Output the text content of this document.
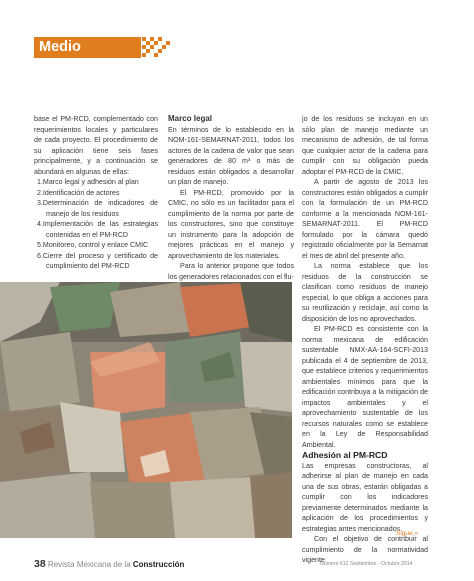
Medio ambiente

base el PM-RCD, complementado con requerimientos locales y particulares de cada proyecto. El procedimiento de su aplicación tiene seis fases principalmente, y a continuación se abundará en algunas de ellas:

1.Marco legal y adhesión al plan
2.Identificación de actores
3.Determinación de indicadores de manejo de los residuos
4.Implementación de las estrategias contenidas en el PM-RCD
5.Monitoreo, control y enlace CMIC
6.Cierre del proceso y certificado de cumplimiento del PM-RCD

Marco legal

En términos de lo establecido en la NOM-161-SEMARNAT-2011, todos los actores de la cadena de valor que sean generadores de 80 m³ o más de residuos están obligados a desarrollar un plan de manejo.

El PM-RCD, promovido por la CMIC, no sólo es un facilitador para el cumplimiento de la norma por parte de los constructores, sino que constituye un instrumento para la adopción de mejores prácticas en el manejo y aprovechamiento de los materiales.

Para lo anterior propone que todos los generadores relacionados con el flu-

jo de los residuos se incluyan en un sólo plan de manejo mediante un mecanismo de adhesión, de tal forma que cualquier actor de la cadena para cumplir con su obligación pueda adoptar el PM-RCD de la CMIC.

A partir de agosto de 2013 los constructores están obligados a cumplir con la formulación de un PM-RCD conforme a la mencionada NOM-161-SEMARNAT-2011. El PM-RCD formulado por la cámara quedó registrado oficialmente por la Semarnat el mes de abril del presente año.

La norma establece que los residuos de la construcción se clasifican como residuos de manejo especial, lo que obliga a acciones para su reutilización y reciclaje, así como la disposición de los no aprovechados.

El PM-RCD es consistente con la norma mexicana de edificación sustentable NMX-AA-164-SCFI-2013 publicada el 4 de septiembre de 2013, que establece criterios y requerimientos ambientales mínimos para que la edificación contribuya a la mitigación de impactos ambientales y el aprovechamiento sustentable de los recursos naturales como se establece en la Ley de Responsabilidad Ambiental.

Adhesión al PM-RCD

Las empresas constructoras, al adherirse al plan de manejo en cada una de sus obras, estarán obligadas a cumplir con los indicadores previamente determinados mediante la aplicación de los procedimientos y estrategias antes mencionados.

Con el objetivo de contribuir al cumplimiento de la normatividad vigente

Sigue »
38 Revista Mexicana de la Construcción	Número 612 Septiembre - Octubre 2014
